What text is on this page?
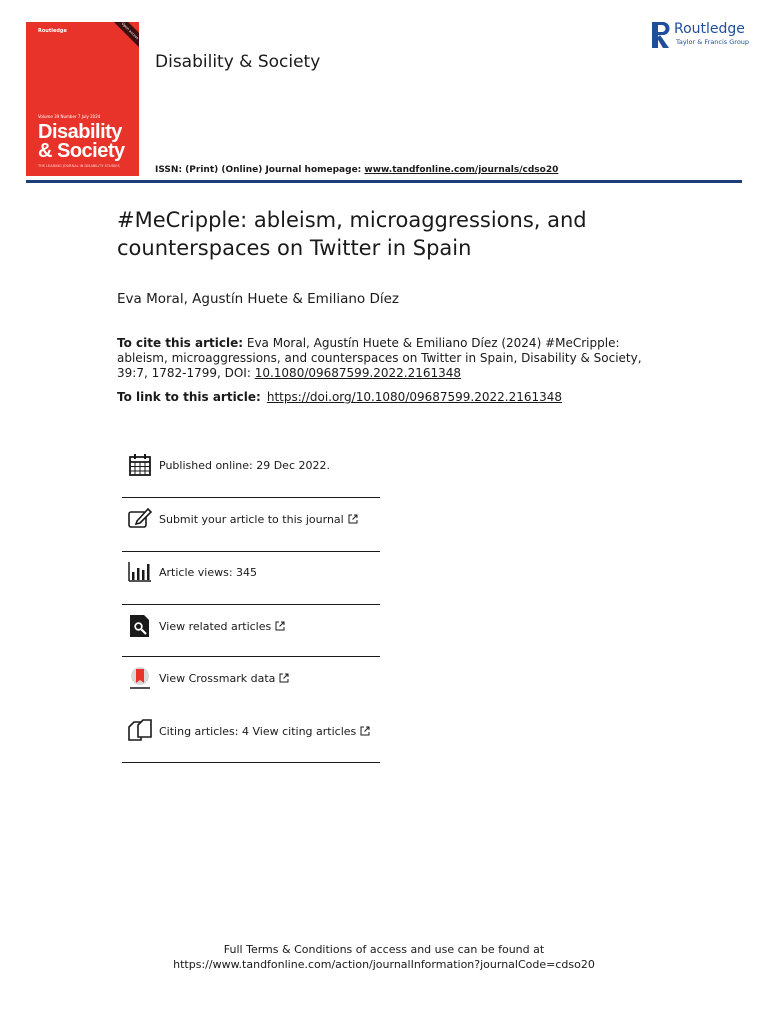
Routledge	Open access
Volume 39 Number 7 July 2024
Disability
& Society
THE LEADING JOURNAL IN DISABILITY STUDIES
Disability & Society
Routledge
Taylor & Francis Group
ISSN: (Print) (Online) Journal homepage: www.tandfonline.com/journals/cdso20
#MeCripple: ableism, microaggressions, and counterspaces on Twitter in Spain
Eva Moral, Agustín Huete & Emiliano Díez
To cite this article: Eva Moral, Agustín Huete & Emiliano Díez (2024) #MeCripple: ableism, microaggressions, and counterspaces on Twitter in Spain, Disability & Society, 39:7, 1782-1799, DOI: 10.1080/09687599.2022.2161348
To link to this article: https://doi.org/10.1080/09687599.2022.2161348
Published online: 29 Dec 2022.
Submit your article to this journal
Article views: 345
View related articles
View Crossmark data
Citing articles: 4 View citing articles
Full Terms & Conditions of access and use can be found at
https://www.tandfonline.com/action/journalInformation?journalCode=cdso20
